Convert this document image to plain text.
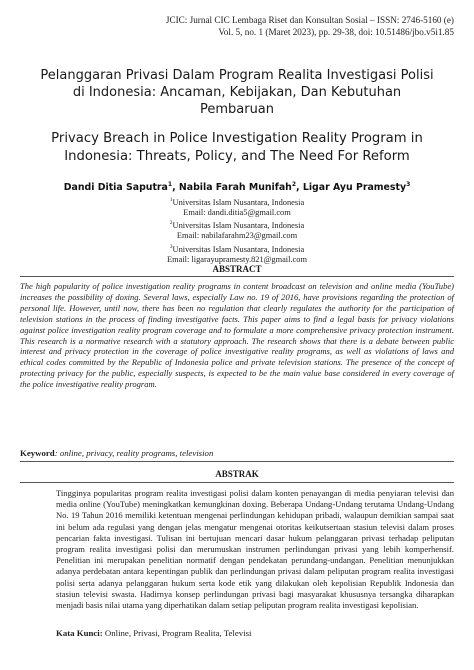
JCIC: Jurnal CIC Lembaga Riset dan Konsultan Sosial – ISSN: 2746-5160 (e)
Vol. 5, no. 1 (Maret 2023), pp. 29-38, doi: 10.51486/jbo.v5i1.85
Pelanggaran Privasi Dalam Program Realita Investigasi Polisi di Indonesia: Ancaman, Kebijakan, Dan Kebutuhan Pembaruan
Privacy Breach in Police Investigation Reality Program in Indonesia: Threats, Policy, and The Need For Reform
Dandi Ditia Saputra$^1$, Nabila Farah Munifah$^2$, Ligar Ayu Pramesty$^3$
$^1$Universitas Islam Nusantara, Indonesia
Email: dandi.ditia5@gmail.com
$^2$Universitas Islam Nusantara, Indonesia
Email: nabilafarahm23@gmail.com
$^3$Universitas Islam Nusantara, Indonesia
Email: ligarayupramesty.821@gmail.com
ABSTRACT
The high popularity of police investigation reality programs in content broadcast on television and online media (YouTube) increases the possibility of doxing. Several laws, especially Law no. 19 of 2016, have provisions regarding the protection of personal life. However, until now, there has been no regulation that clearly regulates the authority for the participation of television stations in the process of finding investigative facts. This paper aims to find a legal basis for privacy violations against police investigation reality program coverage and to formulate a more comprehensive privacy protection instrument. This research is a normative research with a statutory approach. The research shows that there is a debate between public interest and privacy protection in the coverage of police investigative reality programs, as well as violations of laws and ethical codes committed by the Republic of Indonesia police and private television stations. The presence of the concept of protecting privacy for the public, especially suspects, is expected to be the main value base considered in every coverage of the police investigative reality program.
Keyword: online, privacy, reality programs, television
ABSTRAK
Tingginya popularitas program realita investigasi polisi dalam konten penayangan di media penyiaran televisi dan media online (YouTube) meningkatkan kemungkinan doxing. Beberapa Undang-Undang terutama Undang-Undang No. 19 Tahun 2016 memiliki ketentuan mengenai perlindungan kehidupan pribadi, walaupun demikian sampai saat ini belum ada regulasi yang dengan jelas mengatur mengenai otoritas keikutsertaan stasiun televisi dalam proses pencarian fakta investigasi. Tulisan ini bertujuan mencari dasar hukum pelanggaran privasi terhadap peliputan program realita investigasi polisi dan merumuskan instrumen perlindungan privasi yang lebih komperhensif. Penelitian ini merupakan penelitian normatif dengan pendekatan perundang-undangan. Penelitian menunjukkan adanya perdebatan antara kepentingan publik dan perlindungan privasi dalam peliputan program realita investigasi polisi serta adanya pelanggaran hukum serta kode etik yang dilakukan oleh kepolisian Republik Indonesia dan stasiun televisi swasta. Hadirnya konsep perlindungan privasi bagi masyarakat khususnya tersangka diharapkan menjadi basis nilai utama yang diperhatikan dalam setiap peliputan program realita investigasi kepolisian.
Kata Kunci: Online, Privasi, Program Realita, Televisi
